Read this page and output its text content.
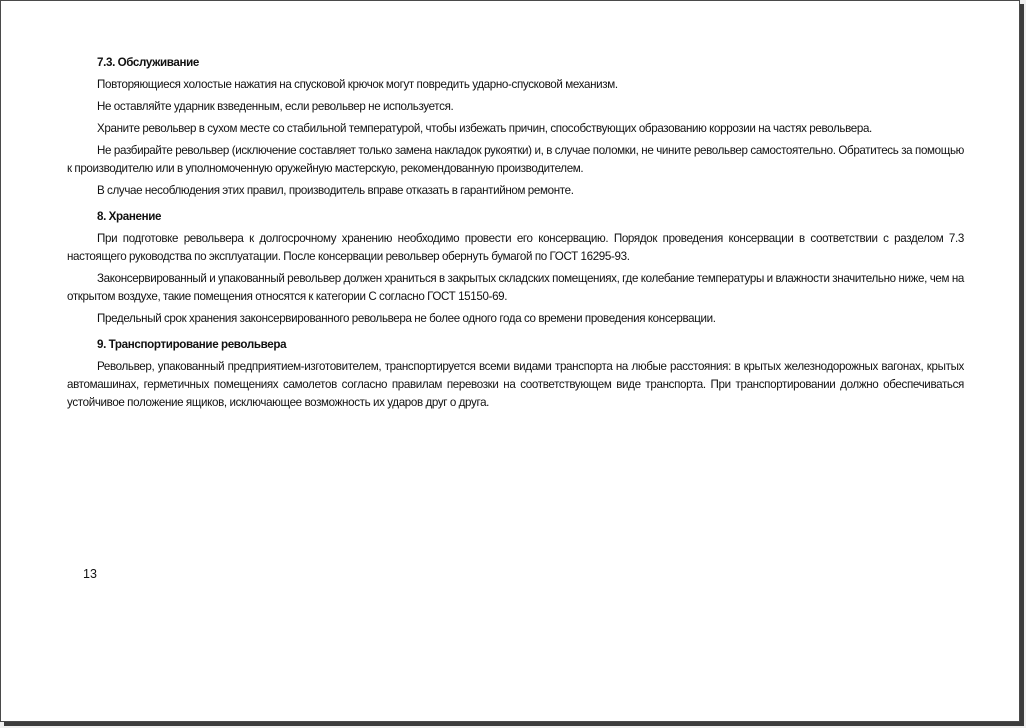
7.3. Обслуживание

Повторяющиеся холостые нажатия на спусковой крючок могут повредить ударно-спусковой механизм.

Не оставляйте ударник взведенным, если револьвер не используется.

Храните револьвер в сухом месте со стабильной температурой, чтобы избежать причин, способствующих образованию коррозии на частях револьвера.

Не разбирайте револьвер (исключение составляет только замена накладок рукоятки) и, в случае поломки, не чините револьвер самостоятельно. Обратитесь за помощью к производителю или в уполномоченную оружейную мастерскую, рекомендованную производителем.

В случае несоблюдения этих правил, производитель вправе отказать в гарантийном ремонте.

8. Хранение

При подготовке револьвера к долгосрочному хранению необходимо провести его консервацию. Порядок проведения консервации в соответствии с разделом 7.3 настоящего руководства по эксплуатации. После консервации револьвер обернуть бумагой по ГОСТ 16295-93.

Законсервированный и упакованный револьвер должен храниться в закрытых складских помещениях, где колебание температуры и влажности значительно ниже, чем на открытом воздухе, такие помещения относятся к категории С согласно ГОСТ 15150-69.

Предельный срок хранения законсервированного револьвера не более одного года со времени проведения консервации.

9. Транспортирование револьвера

Револьвер, упакованный предприятием-изготовителем, транспортируется всеми видами транспорта на любые расстояния: в крытых железнодорожных вагонах, крытых автомашинах, герметичных помещениях самолетов согласно правилам перевозки на соответствующем виде транспорта. При транспортировании должно обеспечиваться устойчивое положение ящиков, исключающее возможность их ударов друг о друга.

13
